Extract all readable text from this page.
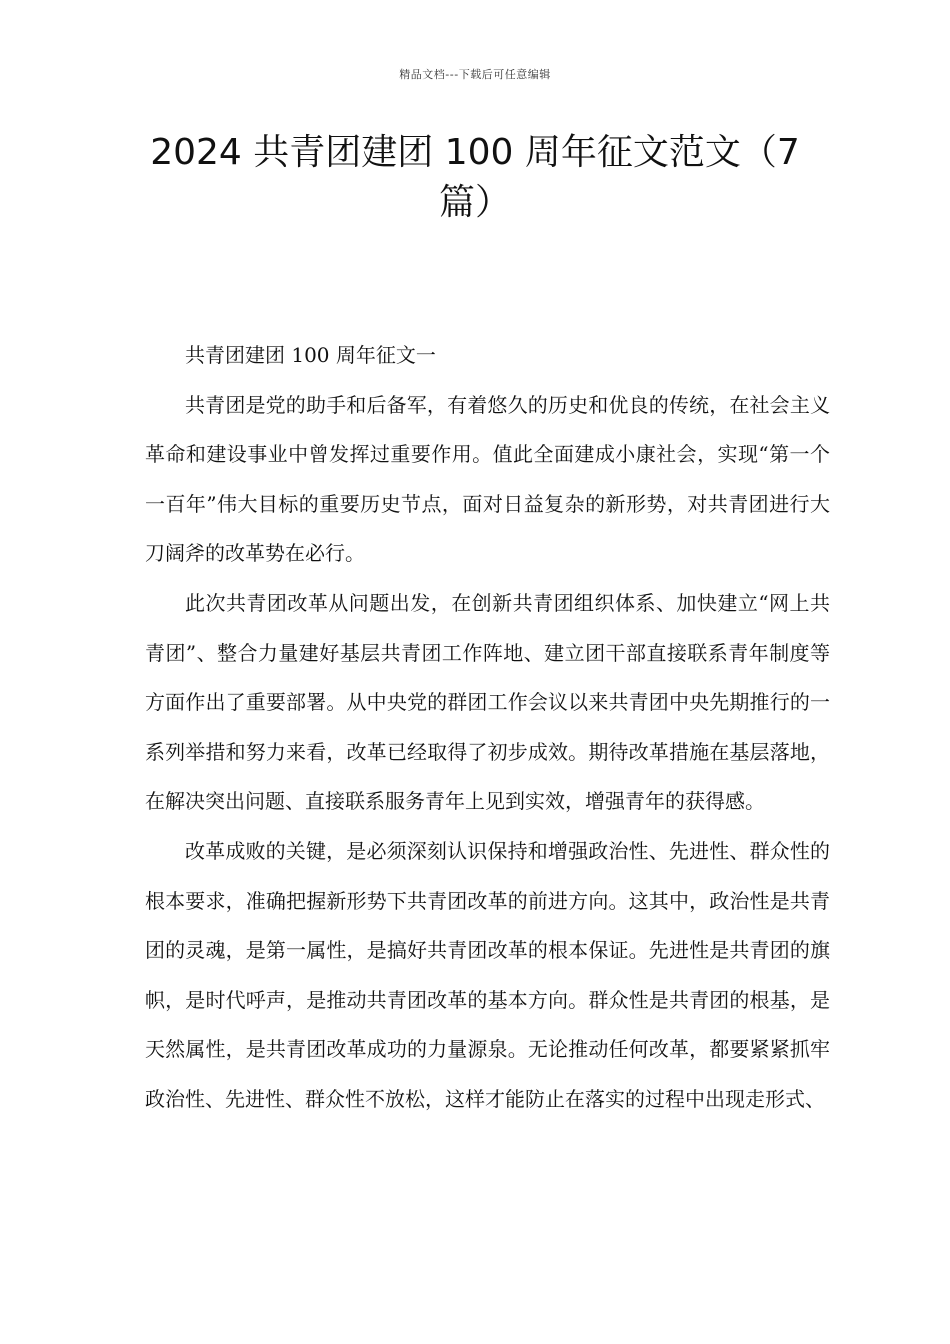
精品文档---下载后可任意编辑
2024 共青团建团 100 周年征文范文（7篇）

共青团建团 100 周年征文一

共青团是党的助手和后备军，有着悠久的历史和优良的传统，在社会主义革命和建设事业中曾发挥过重要作用。值此全面建成小康社会，实现“第一个一百年”伟大目标的重要历史节点，面对日益复杂的新形势，对共青团进行大刀阔斧的改革势在必行。

此次共青团改革从问题出发，在创新共青团组织体系、加快建立“网上共青团”、整合力量建好基层共青团工作阵地、建立团干部直接联系青年制度等方面作出了重要部署。从中央党的群团工作会议以来共青团中央先期推行的一系列举措和努力来看，改革已经取得了初步成效。期待改革措施在基层落地，在解决突出问题、直接联系服务青年上见到实效，增强青年的获得感。

改革成败的关键，是必须深刻认识保持和增强政治性、先进性、群众性的根本要求，准确把握新形势下共青团改革的前进方向。这其中，政治性是共青团的灵魂，是第一属性，是搞好共青团改革的根本保证。先进性是共青团的旗帜，是时代呼声，是推动共青团改革的基本方向。群众性是共青团的根基，是天然属性，是共青团改革成功的力量源泉。无论推动任何改革，都要紧紧抓牢政治性、先进性、群众性不放松，这样才能防止在落实的过程中出现走形式、
